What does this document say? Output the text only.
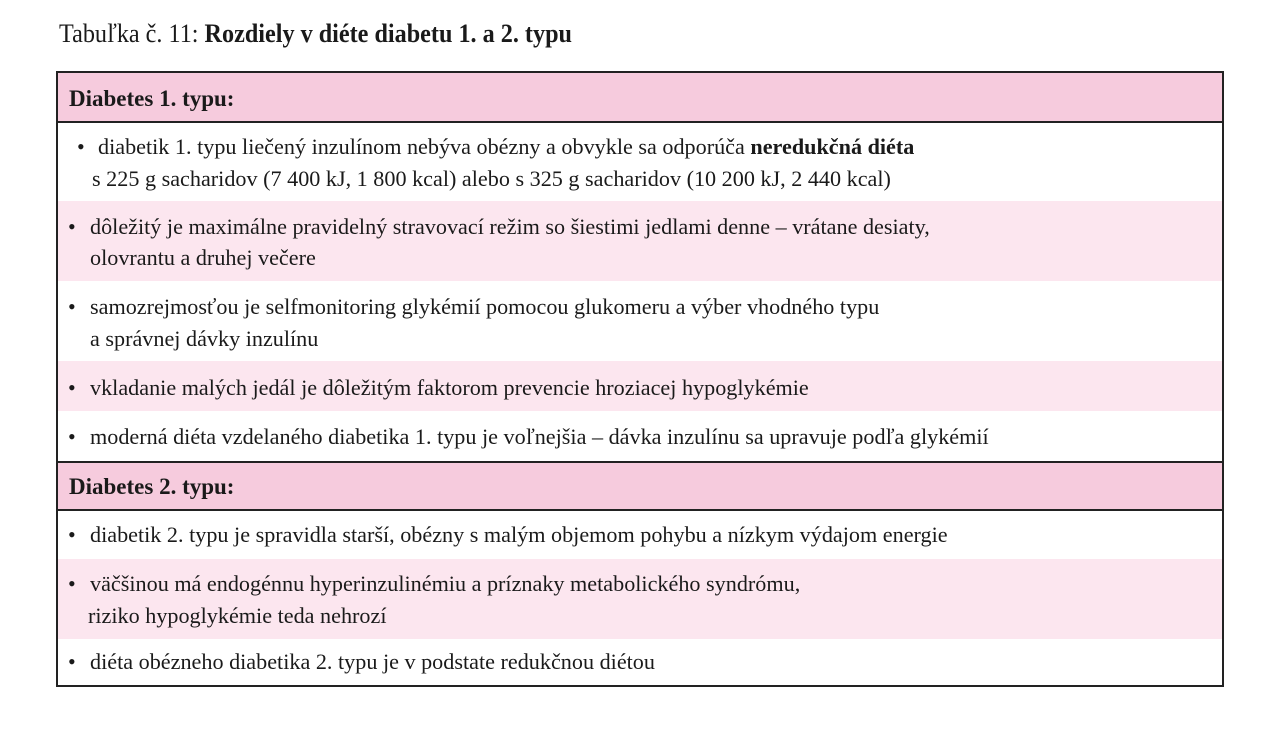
Tabuľka č. 11: Rozdiely v diéte diabetu 1. a 2. typu
Diabetes 1. typu:
• diabetik 1. typu liečený inzulínom nebýva obézny a obvykle sa odporúča neredukčná diéta
s 225 g sacharidov (7 400 kJ, 1 800 kcal) alebo s 325 g sacharidov (10 200 kJ, 2 440 kcal)
• dôležitý je maximálne pravidelný stravovací režim so šiestimi jedlami denne – vrátane desiaty,
olovrantu a druhej večere
• samozrejmosťou je selfmonitoring glykémií pomocou glukomeru a výber vhodného typu
a správnej dávky inzulínu
• vkladanie malých jedál je dôležitým faktorom prevencie hroziacej hypoglykémie
• moderná diéta vzdelaného diabetika 1. typu je voľnejšia – dávka inzulínu sa upravuje podľa glykémií
Diabetes 2. typu:
• diabetik 2. typu je spravidla starší, obézny s malým objemom pohybu a nízkym výdajom energie
• väčšinou má endogénnu hyperinzulinémiu a príznaky metabolického syndrómu,
riziko hypoglykémie teda nehrozí
• diéta obézneho diabetika 2. typu je v podstate redukčnou diétou
